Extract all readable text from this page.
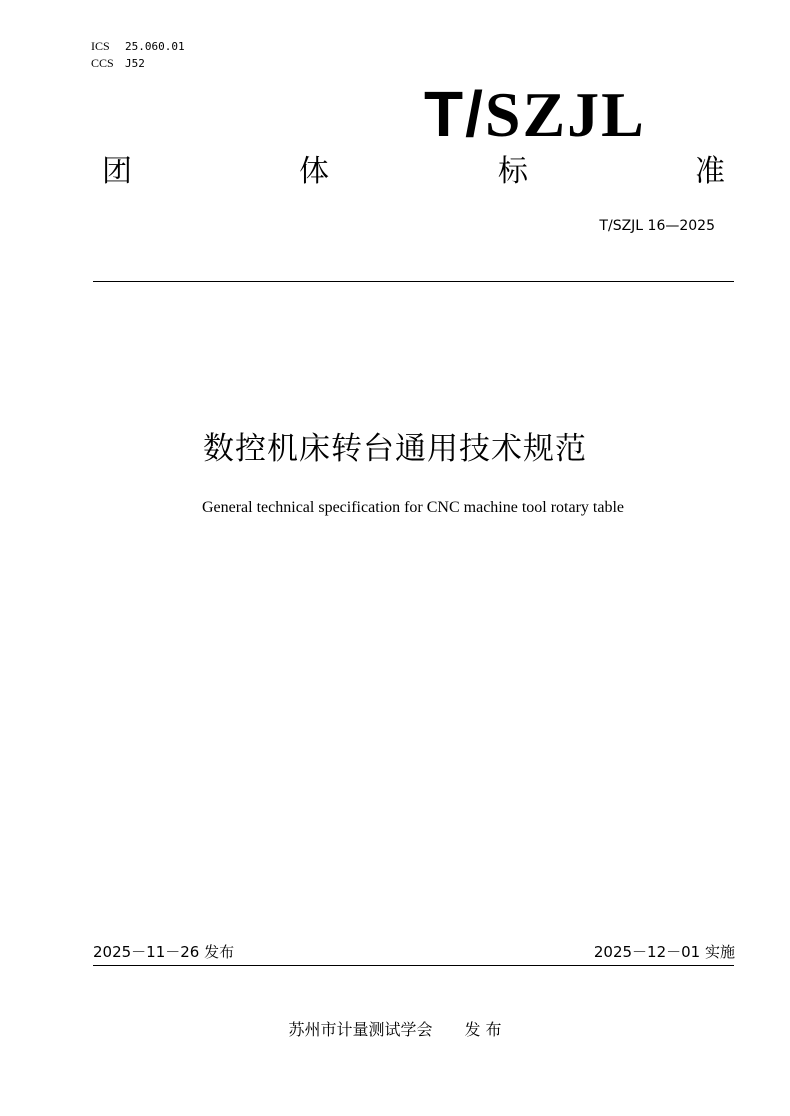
ICS 25.060.01
CCS J52
T/SZJL
团	体	标	准
T/SZJL 16—2025
数控机床转台通用技术规范
General technical specification for CNC machine tool rotary table
2025－11－26 发布	2025－12－01 实施
苏州市计量测试学会 发 布
